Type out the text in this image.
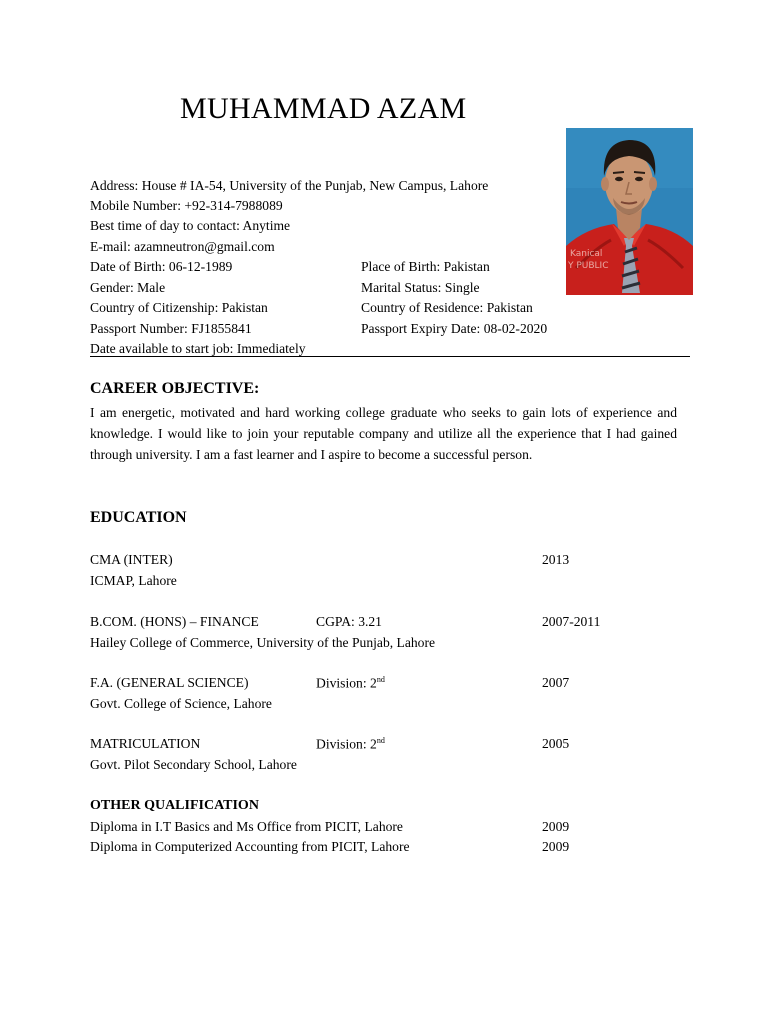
MUHAMMAD AZAM
Kanical
Y PUBLIC
Address: House # IA-54, University of the Punjab, New Campus, Lahore
Mobile Number: +92-314-7988089
Best time of day to contact: Anytime
E-mail: azamneutron@gmail.com
Date of Birth: 06-12-1989	Place of Birth: Pakistan
Gender: Male	Marital Status: Single
Country of Citizenship: Pakistan	Country of Residence: Pakistan
Passport Number: FJ1855841	Passport Expiry Date: 08-02-2020
Date available to start job: Immediately
CAREER OBJECTIVE:

I am energetic, motivated and hard working college graduate who seeks to gain lots of experience and knowledge. I would like to join your reputable company and utilize all the experience that I had gained through university. I am a fast learner and I aspire to become a successful person.

EDUCATION
CMA (INTER)	2013
ICMAP, Lahore
B.COM. (HONS) – FINANCE	CGPA: 3.21	2007-2011
Hailey College of Commerce, University of the Punjab, Lahore
F.A. (GENERAL SCIENCE)	Division: 2nd	2007
Govt. College of Science, Lahore
MATRICULATION	Division: 2nd	2005
Govt. Pilot Secondary School, Lahore
OTHER QUALIFICATION
Diploma in I.T Basics and Ms Office from PICIT, Lahore	2009
Diploma in Computerized Accounting from PICIT, Lahore	2009
